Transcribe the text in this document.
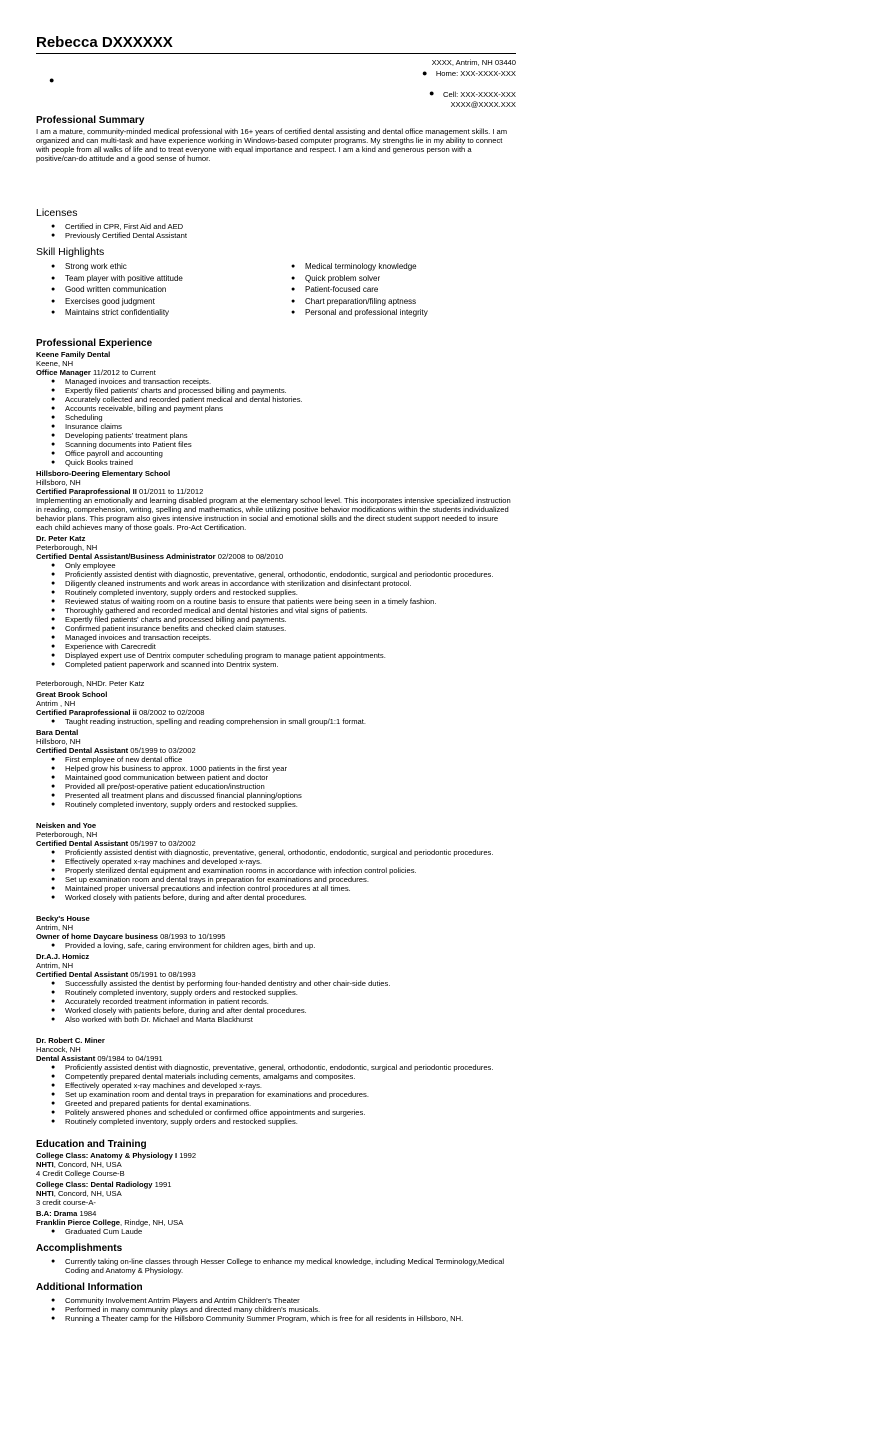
Rebecca DXXXXXX
●
XXXX, Antrim, NH 03440
● Home: XXX-XXXX-XXX
● Cell: XXX-XXXX-XXX
XXXX@XXXX.XXX
Professional Summary

I am a mature, community-minded medical professional with 16+ years of certified dental assisting and dental office management skills. I am organized and can multi-task and have experience working in Windows-based computer programs. My strengths lie in my ability to connect with people from all walks of life and to treat everyone with equal importance and respect. I am a kind and generous person with a positive/can-do attitude and a good sense of humor.

Licenses
● Certified in CPR, First Aid and AED
● Previously Certified Dental Assistant
Skill Highlights
● Strong work ethic
● Team player with positive attitude
● Good written communication
● Exercises good judgment
● Maintains strict confidentiality
● Medical terminology knowledge
● Quick problem solver
● Patient-focused care
● Chart preparation/filing aptness
● Personal and professional integrity
Professional Experience
Keene Family Dental
Keene, NH
Office Manager 11/2012 to Current
● Managed invoices and transaction receipts.
● Expertly filed patients' charts and processed billing and payments.
● Accurately collected and recorded patient medical and dental histories.
● Accounts receivable, billing and payment plans
● Scheduling
● Insurance claims
● Developing patients' treatment plans
● Scanning documents into Patient files
● Office payroll and accounting
● Quick Books trained
Hillsboro-Deering Elementary School
Hillsboro, NH
Certified Paraprofessional II 01/2011 to 11/2012

Implementing an emotionally and learning disabled program at the elementary school level. This incorporates intensive specialized instruction in reading, comprehension, writing, spelling and mathematics, while utilizing positive behavior modifications within the students individualized behavior plans. This program also gives intensive instruction in social and emotional skills and the direct student support needed to insure each child achieves many of those goals. Pro-Act Certification.

Dr. Peter Katz
Peterborough, NH
Certified Dental Assistant/Business Administrator 02/2008 to 08/2010
● Only employee
● Proficiently assisted dentist with diagnostic, preventative, general, orthodontic, endodontic, surgical and periodontic procedures.
● Diligently cleaned instruments and work areas in accordance with sterilization and disinfectant protocol.
● Routinely completed inventory, supply orders and restocked supplies.
● Reviewed status of waiting room on a routine basis to ensure that patients were being seen in a timely fashion.
● Thoroughly gathered and recorded medical and dental histories and vital signs of patients.
● Expertly filed patients' charts and processed billing and payments.
● Confirmed patient insurance benefits and checked claim statuses.
● Managed invoices and transaction receipts.
● Experience with Carecredit
● Displayed expert use of Dentrix computer scheduling program to manage patient appointments.
● Completed patient paperwork and scanned into Dentrix system.
Peterborough, NHDr. Peter Katz
Great Brook School
Antrim , NH
Certified Paraprofessional ii 08/2002 to 02/2008
● Taught reading instruction, spelling and reading comprehension in small group/1:1 format.
Bara Dental
Hillsboro, NH
Certified Dental Assistant 05/1999 to 03/2002
● First employee of new dental office
● Helped grow his business to approx. 1000 patients in the first year
● Maintained good communication between patient and doctor
● Provided all pre/post-operative patient education/instruction
● Presented all treatment plans and discussed financial planning/options
● Routinely completed inventory, supply orders and restocked supplies.
Neisken and Yoe
Peterborough, NH
Certified Dental Assistant 05/1997 to 03/2002
● Proficiently assisted dentist with diagnostic, preventative, general, orthodontic, endodontic, surgical and periodontic procedures.
● Effectively operated x-ray machines and developed x-rays.
● Properly sterilized dental equipment and examination rooms in accordance with infection control policies.
● Set up examination room and dental trays in preparation for examinations and procedures.
● Maintained proper universal precautions and infection control procedures at all times.
● Worked closely with patients before, during and after dental procedures.
Becky's House
Antrim, NH
Owner of home Daycare business 08/1993 to 10/1995
● Provided a loving, safe, caring environment for children ages, birth and up.
Dr.A.J. Homicz
Antrim, NH
Certified Dental Assistant 05/1991 to 08/1993
● Successfully assisted the dentist by performing four-handed dentistry and other chair-side duties.
● Routinely completed inventory, supply orders and restocked supplies.
● Accurately recorded treatment information in patient records.
● Worked closely with patients before, during and after dental procedures.
● Also worked with both Dr. Michael and Marta Blackhurst
Dr. Robert C. Miner
Hancock, NH
Dental Assistant 09/1984 to 04/1991
● Proficiently assisted dentist with diagnostic, preventative, general, orthodontic, endodontic, surgical and periodontic procedures.
● Competently prepared dental materials including cements, amalgams and composites.
● Effectively operated x-ray machines and developed x-rays.
● Set up examination room and dental trays in preparation for examinations and procedures.
● Greeted and prepared patients for dental examinations.
● Politely answered phones and scheduled or confirmed office appointments and surgeries.
● Routinely completed inventory, supply orders and restocked supplies.
Education and Training
College Class: Anatomy & Physiology I 1992
NHTI, Concord, NH, USA
4 Credit College Course-B
College Class: Dental Radiology 1991
NHTI, Concord, NH, USA
3 credit course-A-
B.A: Drama 1984
Franklin Pierce College, Rindge, NH, USA
● Graduated Cum Laude
Accomplishments
● Currently taking on-line classes through Hesser College to enhance my medical knowledge, including Medical Terminology,Medical Coding and Anatomy & Physiology.
Additional Information
● Community Involvement Antrim Players and Antrim Children's Theater
● Performed in many community plays and directed many children's musicals.
● Running a Theater camp for the Hillsboro Community Summer Program, which is free for all residents in Hillsboro, NH.
